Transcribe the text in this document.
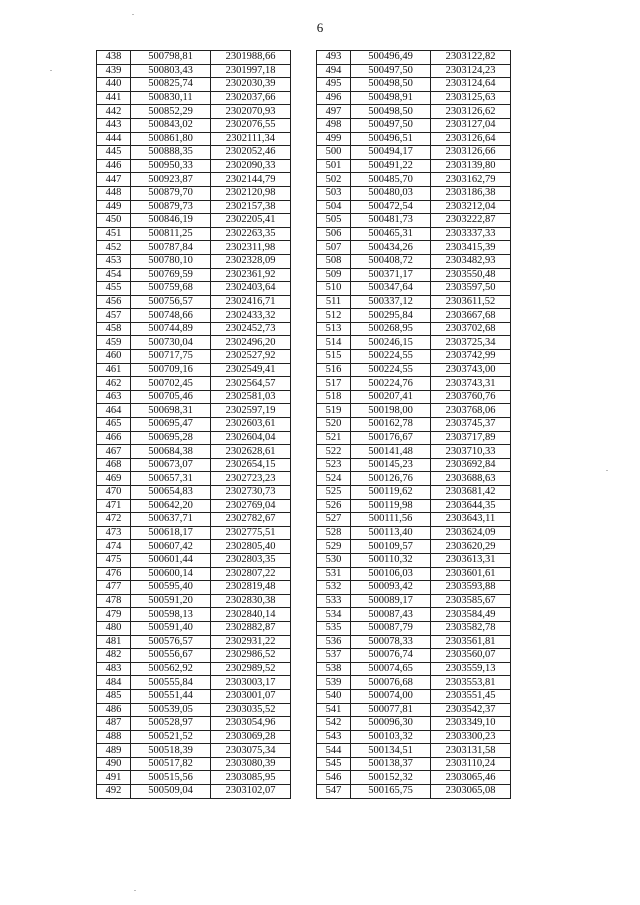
6
438	500798,81	2301988,66
439	500803,43	2301997,18
440	500825,74	2302030,39
441	500830,11	2302037,66
442	500852,29	2302070,93
443	500843,02	2302076,55
444	500861,80	2302111,34
445	500888,35	2302052,46
446	500950,33	2302090,33
447	500923,87	2302144,79
448	500879,70	2302120,98
449	500879,73	2302157,38
450	500846,19	2302205,41
451	500811,25	2302263,35
452	500787,84	2302311,98
453	500780,10	2302328,09
454	500769,59	2302361,92
455	500759,68	2302403,64
456	500756,57	2302416,71
457	500748,66	2302433,32
458	500744,89	2302452,73
459	500730,04	2302496,20
460	500717,75	2302527,92
461	500709,16	2302549,41
462	500702,45	2302564,57
463	500705,46	2302581,03
464	500698,31	2302597,19
465	500695,47	2302603,61
466	500695,28	2302604,04
467	500684,38	2302628,61
468	500673,07	2302654,15
469	500657,31	2302723,23
470	500654,83	2302730,73
471	500642,20	2302769,04
472	500637,71	2302782,67
473	500618,17	2302775,51
474	500607,42	2302805,40
475	500601,44	2302803,35
476	500600,14	2302807,22
477	500595,40	2302819,48
478	500591,20	2302830,38
479	500598,13	2302840,14
480	500591,40	2302882,87
481	500576,57	2302931,22
482	500556,67	2302986,52
483	500562,92	2302989,52
484	500555,84	2303003,17
485	500551,44	2303001,07
486	500539,05	2303035,52
487	500528,97	2303054,96
488	500521,52	2303069,28
489	500518,39	2303075,34
490	500517,82	2303080,39
491	500515,56	2303085,95
492	500509,04	2303102,07
493	500496,49	2303122,82
494	500497,50	2303124,23
495	500498,50	2303124,64
496	500498,91	2303125,63
497	500498,50	2303126,62
498	500497,50	2303127,04
499	500496,51	2303126,64
500	500494,17	2303126,66
501	500491,22	2303139,80
502	500485,70	2303162,79
503	500480,03	2303186,38
504	500472,54	2303212,04
505	500481,73	2303222,87
506	500465,31	2303337,33
507	500434,26	2303415,39
508	500408,72	2303482,93
509	500371,17	2303550,48
510	500347,64	2303597,50
511	500337,12	2303611,52
512	500295,84	2303667,68
513	500268,95	2303702,68
514	500246,15	2303725,34
515	500224,55	2303742,99
516	500224,55	2303743,00
517	500224,76	2303743,31
518	500207,41	2303760,76
519	500198,00	2303768,06
520	500162,78	2303745,37
521	500176,67	2303717,89
522	500141,48	2303710,33
523	500145,23	2303692,84
524	500126,76	2303688,63
525	500119,62	2303681,42
526	500119,98	2303644,35
527	500111,56	2303643,11
528	500113,40	2303624,09
529	500109,57	2303620,29
530	500110,32	2303613,31
531	500106,03	2303601,61
532	500093,42	2303593,88
533	500089,17	2303585,67
534	500087,43	2303584,49
535	500087,79	2303582,78
536	500078,33	2303561,81
537	500076,74	2303560,07
538	500074,65	2303559,13
539	500076,68	2303553,81
540	500074,00	2303551,45
541	500077,81	2303542,37
542	500096,30	2303349,10
543	500103,32	2303300,23
544	500134,51	2303131,58
545	500138,37	2303110,24
546	500152,32	2303065,46
547	500165,75	2303065,08
